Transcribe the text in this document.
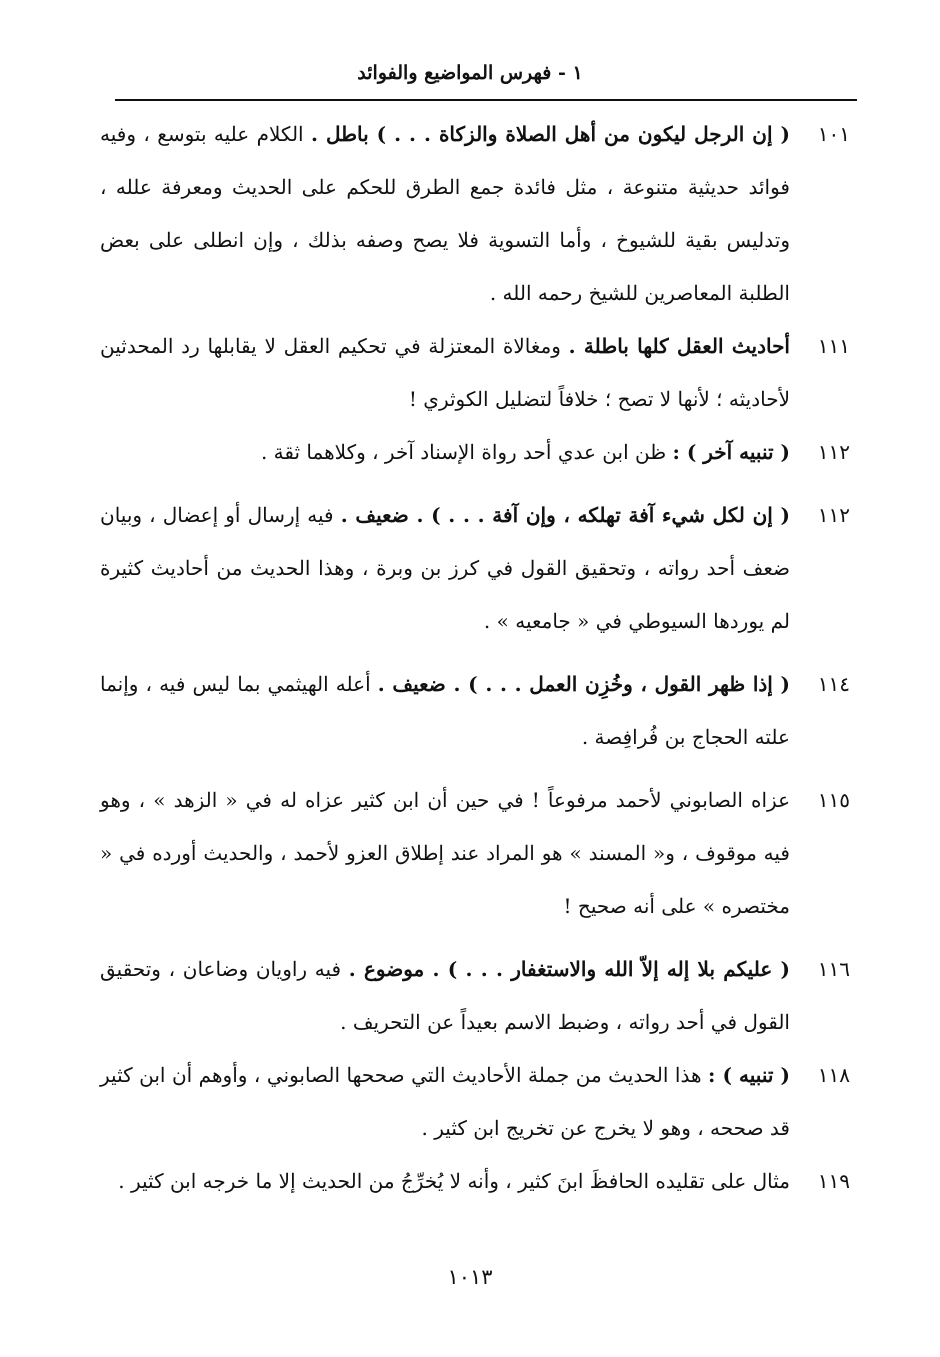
١ - فهرس المواضيع والفوائد
١٠١
( إن الرجل ليكون من أهل الصلاة والزكاة . . . ) باطل . الكلام عليه بتوسع ، وفيه فوائد حديثية متنوعة ، مثل فائدة جمع الطرق للحكم على الحديث ومعرفة علله ، وتدليس بقية للشيوخ ، وأما التسوية فلا يصح وصفه بذلك ، وإن انطلى على بعض الطلبة المعاصرين للشيخ رحمه الله .
١١١
أحاديث العقل كلها باطلة . ومغالاة المعتزلة في تحكيم العقل لا يقابلها رد المحدثين لأحاديثه ؛ لأنها لا تصح ؛ خلافاً لتضليل الكوثري !
١١٢
( تنبيه آخر ) : ظن ابن عدي أحد رواة الإسناد آخر ، وكلاهما ثقة .
١١٢
( إن لكل شيء آفة تهلكه ، وإن آفة . . . ) . ضعيف . فيه إرسال أو إعضال ، وبيان ضعف أحد رواته ، وتحقيق القول في كرز بن وبرة ، وهذا الحديث من أحاديث كثيرة لم يوردها السيوطي في « جامعيه » .
١١٤
( إذا ظهر القول ، وخُزِن العمل . . . ) . ضعيف . أعله الهيثمي بما ليس فيه ، وإنما علته الحجاج بن فُرافِصة .
١١٥
عزاه الصابوني لأحمد مرفوعاً ! في حين أن ابن كثير عزاه له في « الزهد » ، وهو فيه موقوف ، و« المسند » هو المراد عند إطلاق العزو لأحمد ، والحديث أورده في « مختصره » على أنه صحيح !
١١٦
( عليكم بلا إله إلاّ الله والاستغفار . . . ) . موضوع . فيه راويان وضاعان ، وتحقيق القول في أحد رواته ، وضبط الاسم بعيداً عن التحريف .
١١٨
( تنبيه ) : هذا الحديث من جملة الأحاديث التي صححها الصابوني ، وأوهم أن ابن كثير قد صححه ، وهو لا يخرج عن تخريج ابن كثير .
١١٩
مثال على تقليده الحافظَ ابنَ كثير ، وأنه لا يُخرِّجُ من الحديث إلا ما خرجه ابن كثير .
١٠١٣
